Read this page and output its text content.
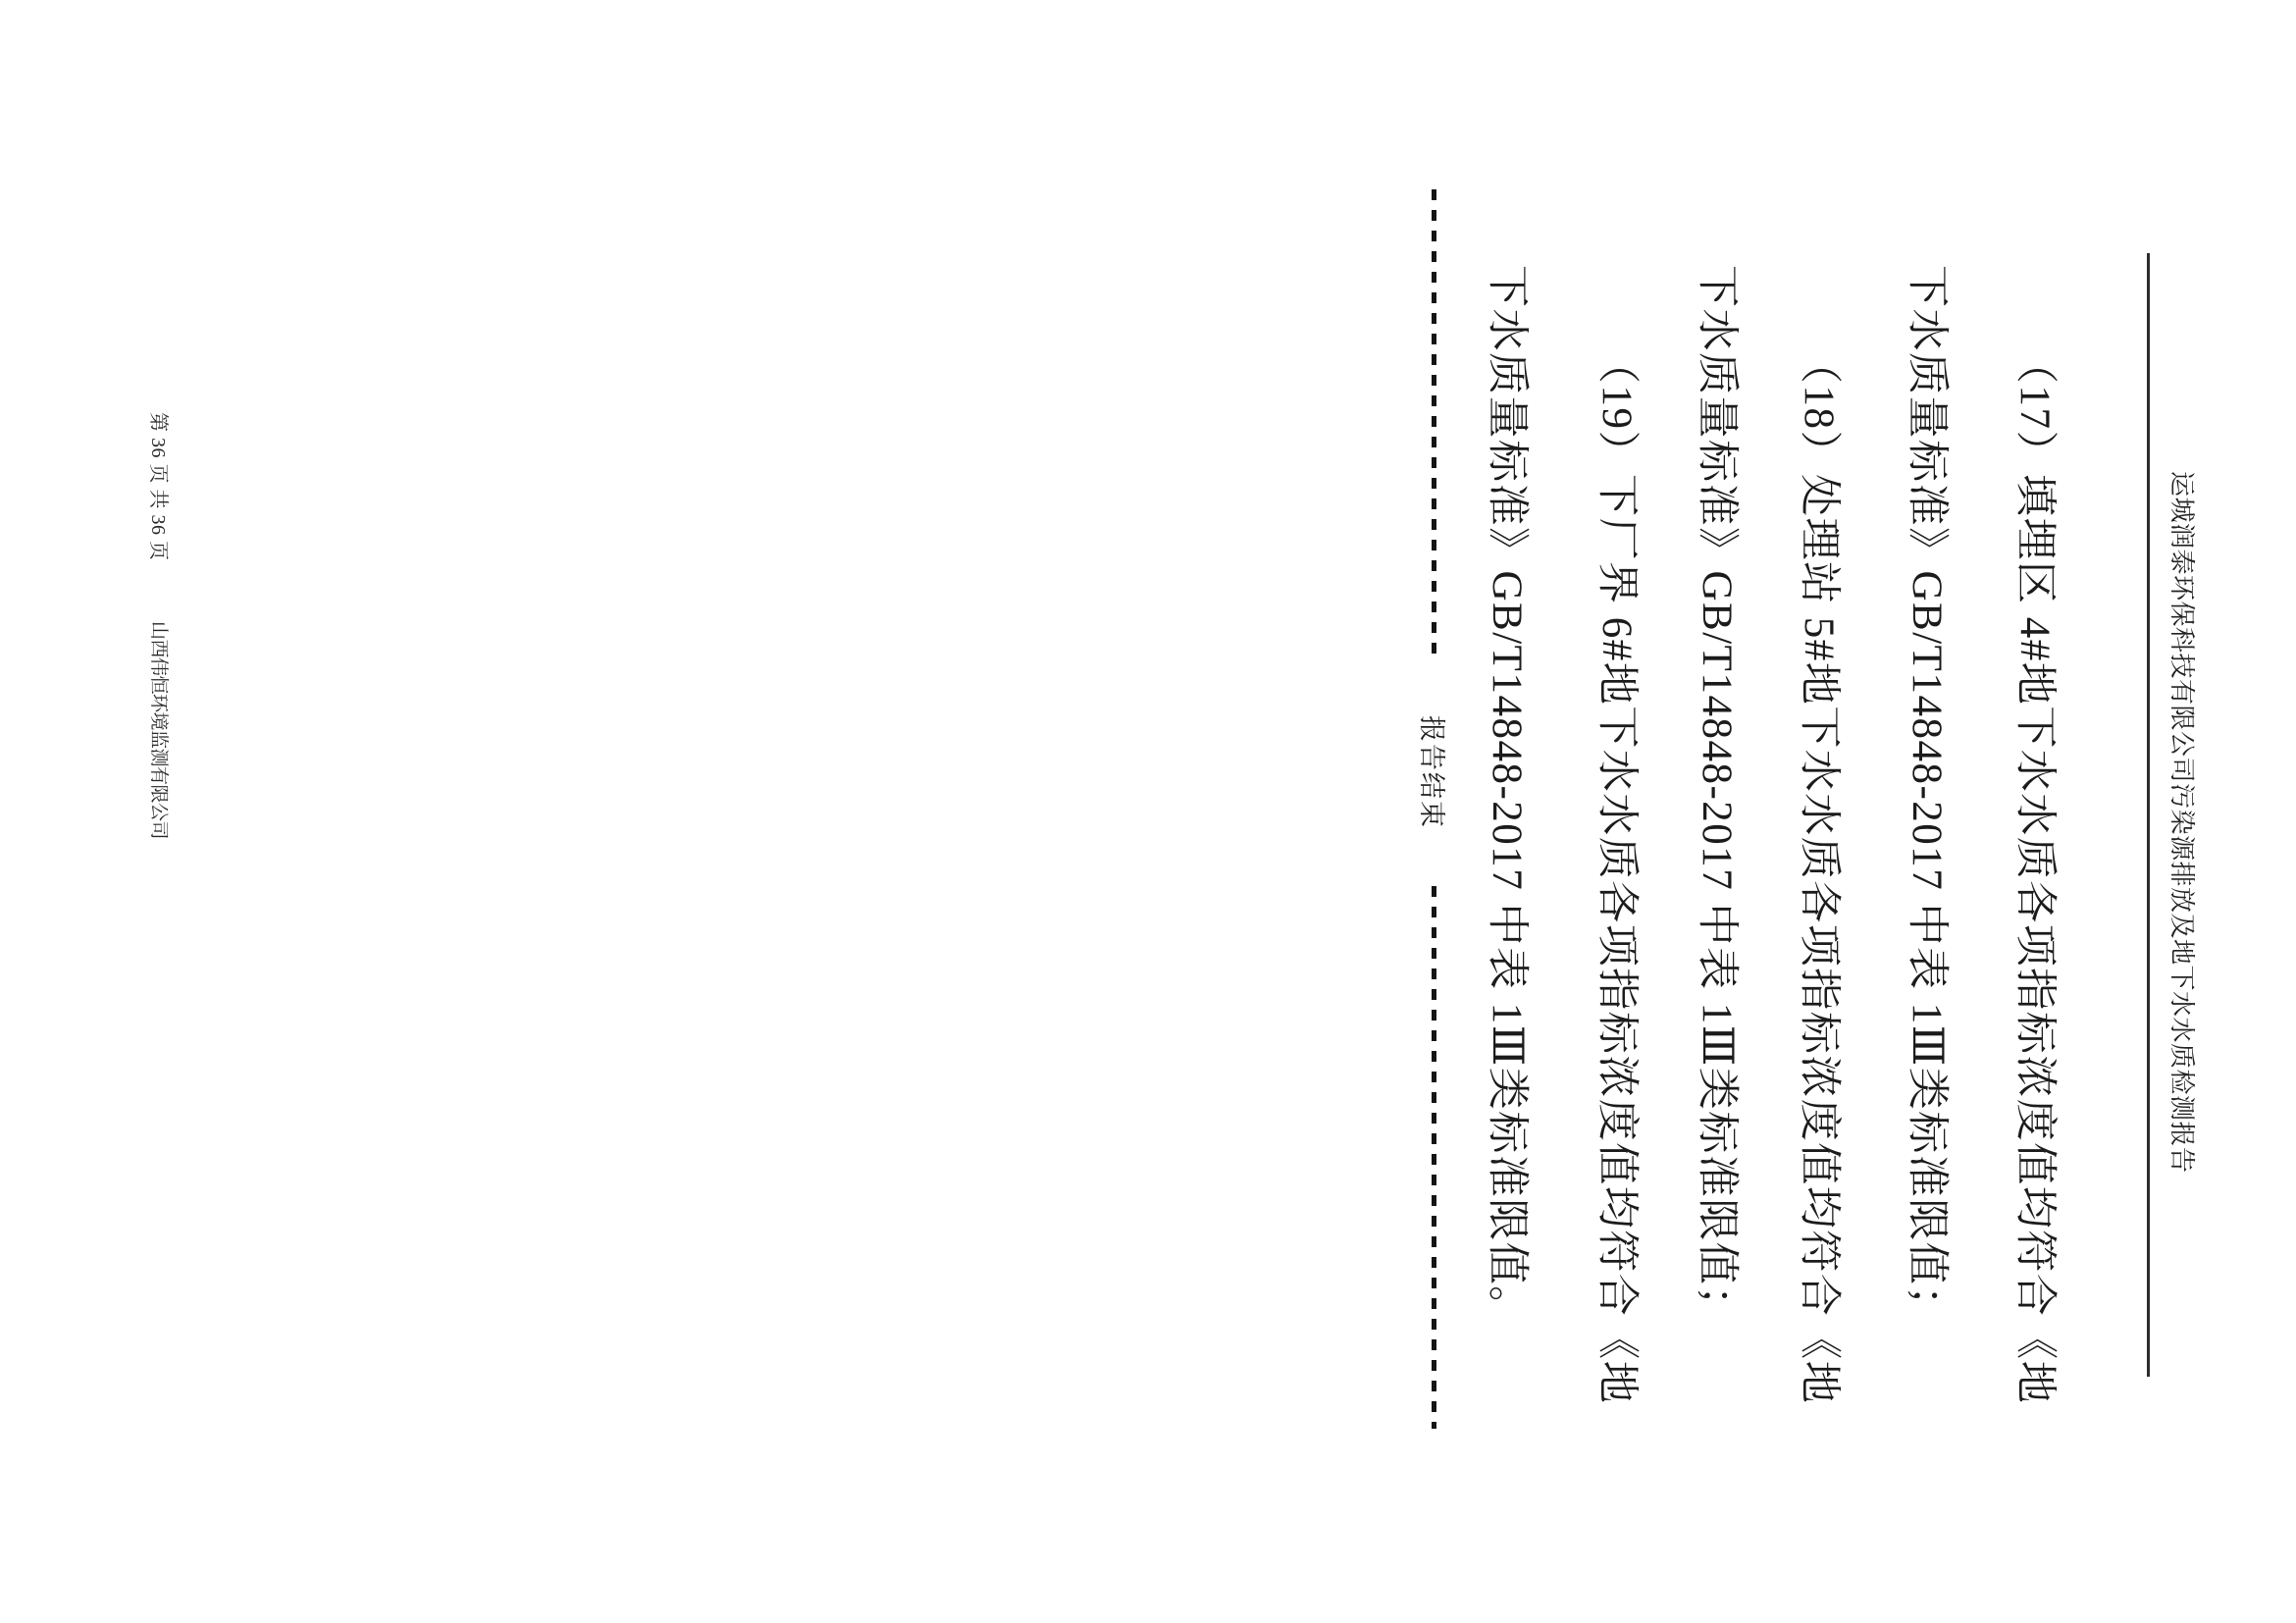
运城润泰环保科技有限公司污染源排放及地下水水质检测报告
（17）填埋区 4#地下水水质各项指标浓度值均符合《地
下水质量标准》GB/T14848-2017 中表 1Ⅲ类标准限值；
（18）处理站 5#地下水水质各项指标浓度值均符合《地
下水质量标准》GB/T14848-2017 中表 1Ⅲ类标准限值；
（19）下厂界 6#地下水水质各项指标浓度值均符合《地
下水质量标准》GB/T14848-2017 中表 1Ⅲ类标准限值。
报告结束
第 36 页 共 36 页
山西伟恒环境监测有限公司
